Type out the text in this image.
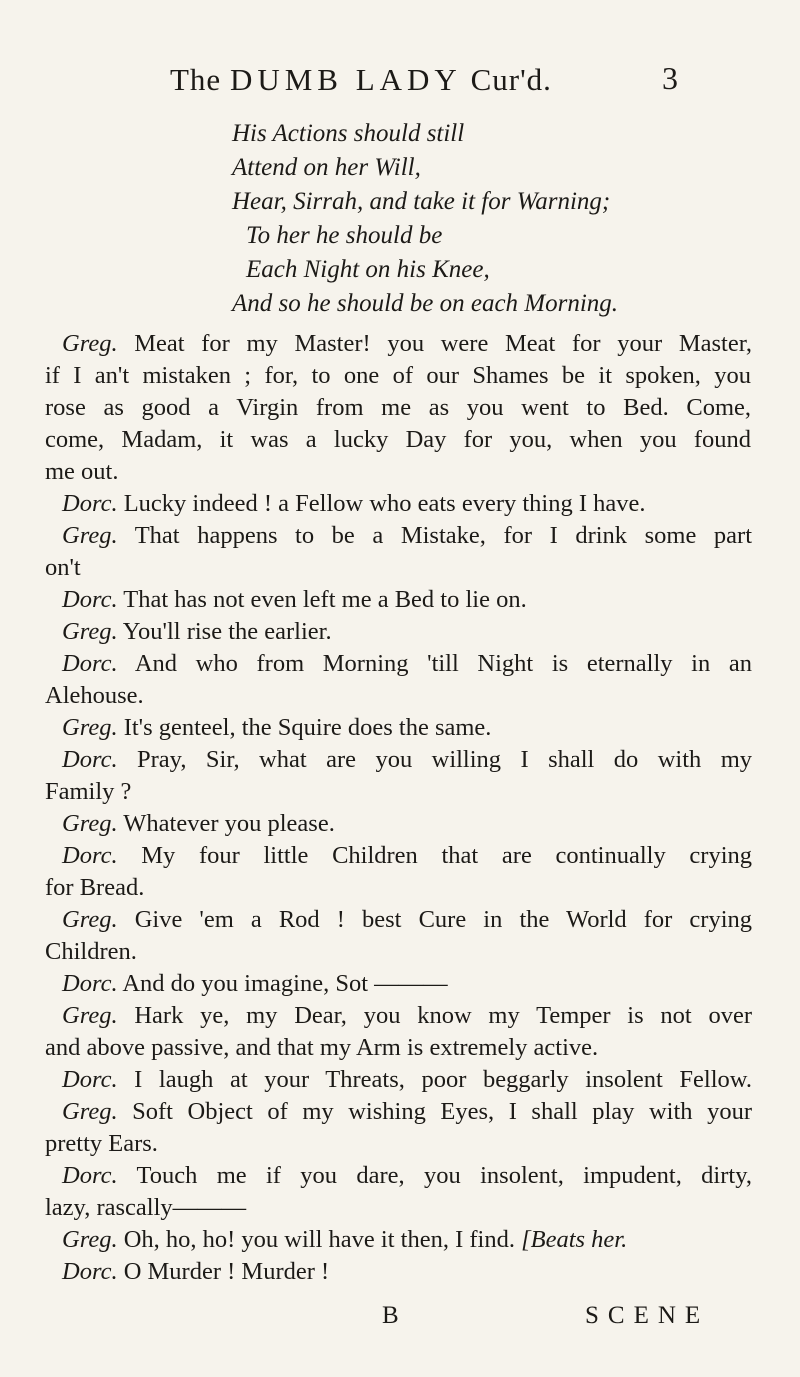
The DUMB LADY Cur'd.	3
His Actions should still
Attend on her Will,
Hear, Sirrah, and take it for Warning;
To her he should be
Each Night on his Knee,
And so he should be on each Morning.
Greg. Meat for my Master! you were Meat for your Master,
if I an't mistaken ; for, to one of our Shames be it spoken, you
rose as good a Virgin from me as you went to Bed. Come,
come, Madam, it was a lucky Day for you, when you found
me out.
Dorc. Lucky indeed ! a Fellow who eats every thing I have.
Greg. That happens to be a Mistake, for I drink some part
on't
Dorc. That has not even left me a Bed to lie on.
Greg. You'll rise the earlier.
Dorc. And who from Morning 'till Night is eternally in an
Alehouse.
Greg. It's genteel, the Squire does the same.
Dorc. Pray, Sir, what are you willing I shall do with my
Family ?
Greg. Whatever you please.
Dorc. My four little Children that are continually crying
for Bread.
Greg. Give 'em a Rod ! best Cure in the World for crying
Children.
Dorc. And do you imagine, Sot ———
Greg. Hark ye, my Dear, you know my Temper is not over
and above passive, and that my Arm is extremely active.
Dorc. I laugh at your Threats, poor beggarly insolent Fellow.
Greg. Soft Object of my wishing Eyes, I shall play with your
pretty Ears.
Dorc. Touch me if you dare, you insolent, impudent, dirty,
lazy, rascally———
Greg. Oh, ho, ho! you will have it then, I find. [Beats her.
Dorc. O Murder ! Murder !
B	SCENE
